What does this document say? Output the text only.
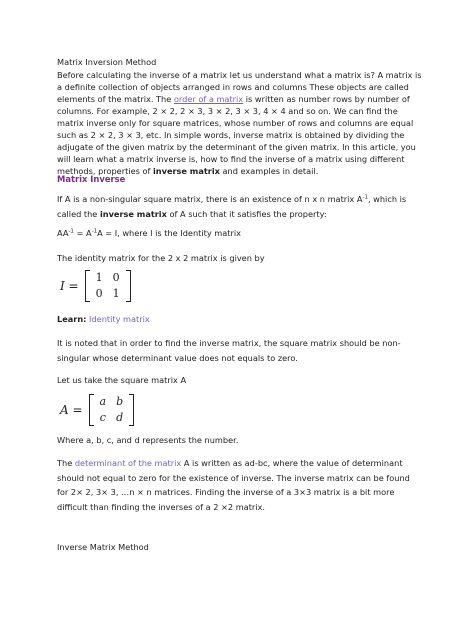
Matrix Inversion Method
Before calculating the inverse of a matrix let us understand what a matrix is? A matrix is a definite collection of objects arranged in rows and columns These objects are called elements of the matrix. The order of a matrix is written as number rows by number of columns. For example, 2 × 2, 2 × 3, 3 × 2, 3 × 3, 4 × 4 and so on. We can find the matrix inverse only for square matrices, whose number of rows and columns are equal such as 2 × 2, 3 × 3, etc. In simple words, inverse matrix is obtained by dividing the adjugate of the given matrix by the determinant of the given matrix. In this article, you will learn what a matrix inverse is, how to find the inverse of a matrix using different methods, properties of inverse matrix and examples in detail.
Matrix Inverse
If A is a non-singular square matrix, there is an existence of n x n matrix $A^{-1}$, which is called the inverse matrix of A such that it satisfies the property:
$AA^{-1} = A^{-1}A = I$, where I is the Identity matrix
The identity matrix for the 2 x 2 matrix is given by
I =
1	0
0	1
Learn: Identity matrix
It is noted that in order to find the inverse matrix, the square matrix should be non-singular whose determinant value does not equals to zero.
Let us take the square matrix A
A =
a	b
c	d
Where a, b, c, and d represents the number.
The determinant of the matrix A is written as ad-bc, where the value of determinant should not equal to zero for the existence of inverse. The inverse matrix can be found for 2× 2, 3× 3, …n × n matrices. Finding the inverse of a 3×3 matrix is a bit more difficult than finding the inverses of a 2 ×2 matrix.
Inverse Matrix Method
